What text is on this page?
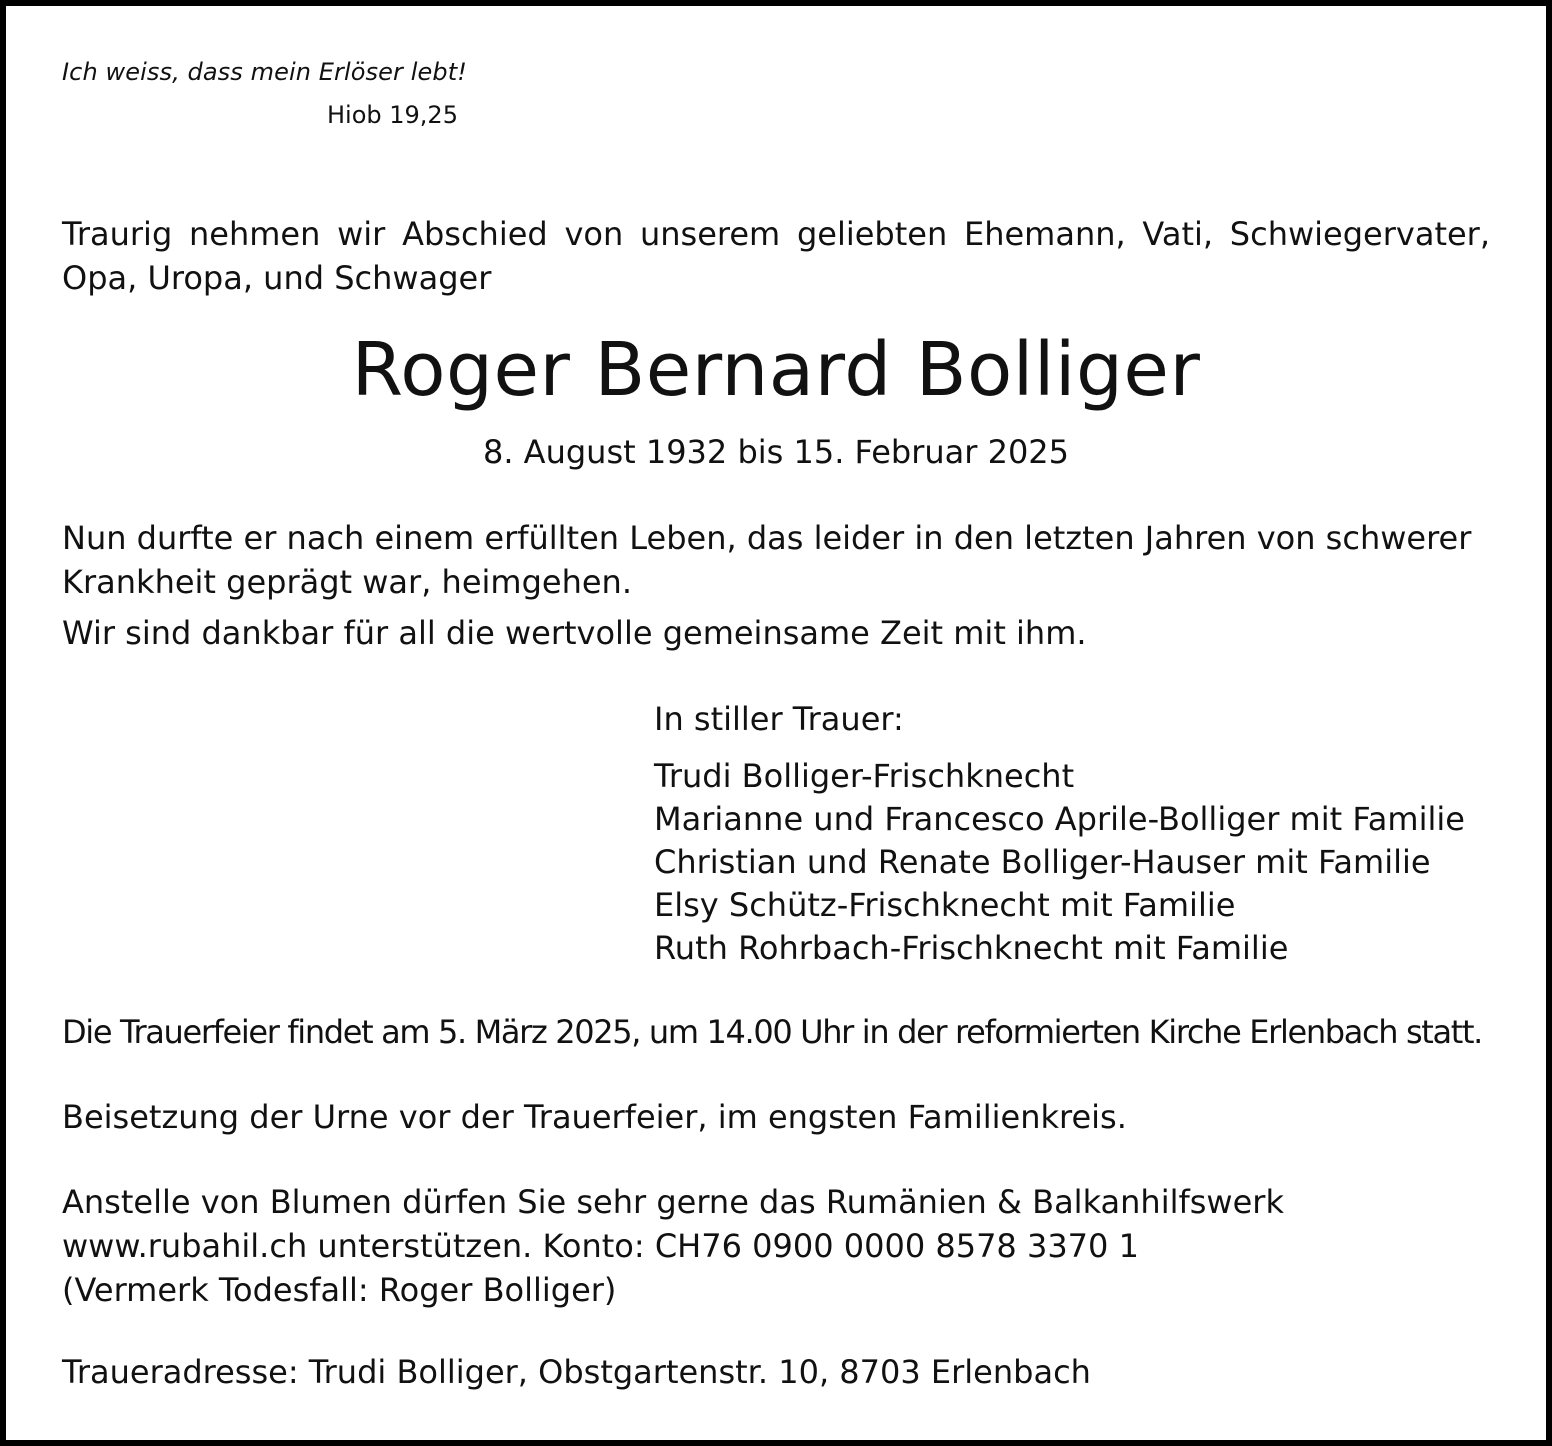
Ich weiss, dass mein Erlöser lebt!
Hiob 19,25
Traurig nehmen wir Abschied von unserem geliebten Ehemann, Vati, Schwiegervater,
Opa, Uropa, und Schwager
Roger Bernard Bolliger
8. August 1932 bis 15. Februar 2025
Nun durfte er nach einem erfüllten Leben, das leider in den letzten Jahren von schwerer
Krankheit geprägt war, heimgehen.
Wir sind dankbar für all die wertvolle gemeinsame Zeit mit ihm.
In stiller Trauer:
Trudi Bolliger-Frischknecht
Marianne und Francesco Aprile-Bolliger mit Familie
Christian und Renate Bolliger-Hauser mit Familie
Elsy Schütz-Frischknecht mit Familie
Ruth Rohrbach-Frischknecht mit Familie
Die Trauerfeier findet am 5. März 2025, um 14.00 Uhr in der reformierten Kirche Erlenbach statt.
Beisetzung der Urne vor der Trauerfeier, im engsten Familienkreis.
Anstelle von Blumen dürfen Sie sehr gerne das Rumänien & Balkanhilfswerk
www.rubahil.ch unterstützen. Konto: CH76 0900 0000 8578 3370 1
(Vermerk Todesfall: Roger Bolliger)
Traueradresse: Trudi Bolliger, Obstgartenstr. 10, 8703 Erlenbach
